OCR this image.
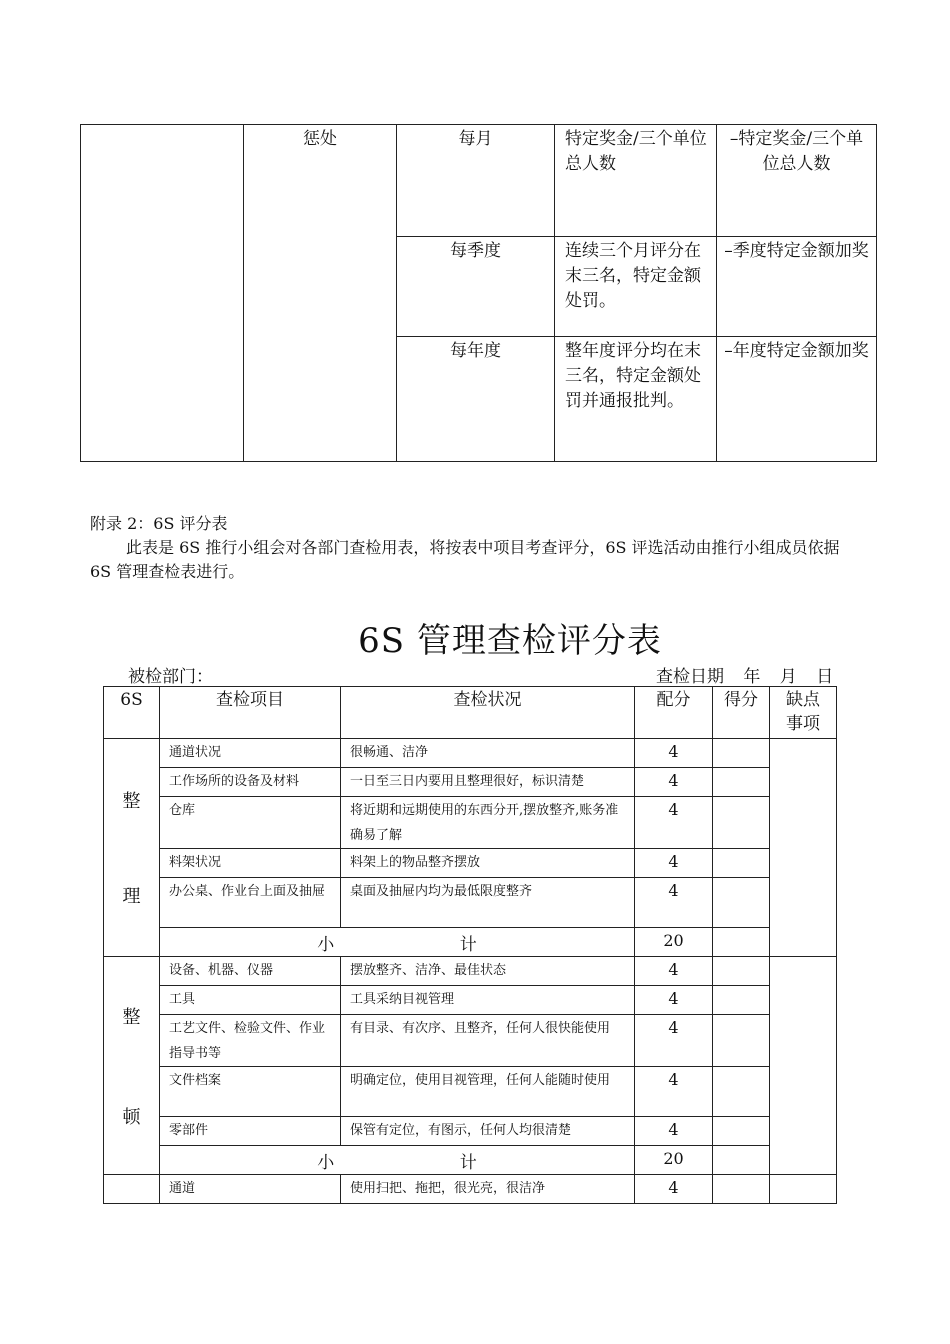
	惩处	每月	特定奖金/三个单位总人数	–特定奖金/三个单位总人数
		每季度	连续三个月评分在末三名，特定金额处罚。	–季度特定金额加奖
		每年度	整年度评分均在末三名，特定金额处罚并通报批判。	–年度特定金额加奖
附录 2：6S 评分表
此表是 6S 推行小组会对各部门查检用表，将按表中项目考查评分，6S 评选活动由推行小组成员依据 6S 管理查检表进行。
6S 管理查检评分表
被检部门：	查检日期 年 月 日
6S	查检项目	查检状况	配分	得分	缺点事项

整
理	通道状况	很畅通、洁净	4		
	工作场所的设备及材料	一日至三日内要用且整理很好，标识清楚	4		
	仓库	将近期和远期使用的东西分开,摆放整齐,账务准确易了解	4		
	料架状况	料架上的物品整齐摆放	4		
	办公桌、作业台上面及抽屉	桌面及抽屉内均为最低限度整齐	4		
	小 计		20		

整
顿	设备、机器、仪器	摆放整齐、洁净、最佳状态	4		
	工具	工具采纳目视管理	4		
	工艺文件、检验文件、作业指导书等	有目录、有次序、且整齐，任何人很快能使用	4		
	文件档案	明确定位，使用目视管理，任何人能随时使用	4		
	零部件	保管有定位，有图示，任何人均很清楚	4		
	小 计		20		
	通道	使用扫把、拖把，很光亮，很洁净	4		
